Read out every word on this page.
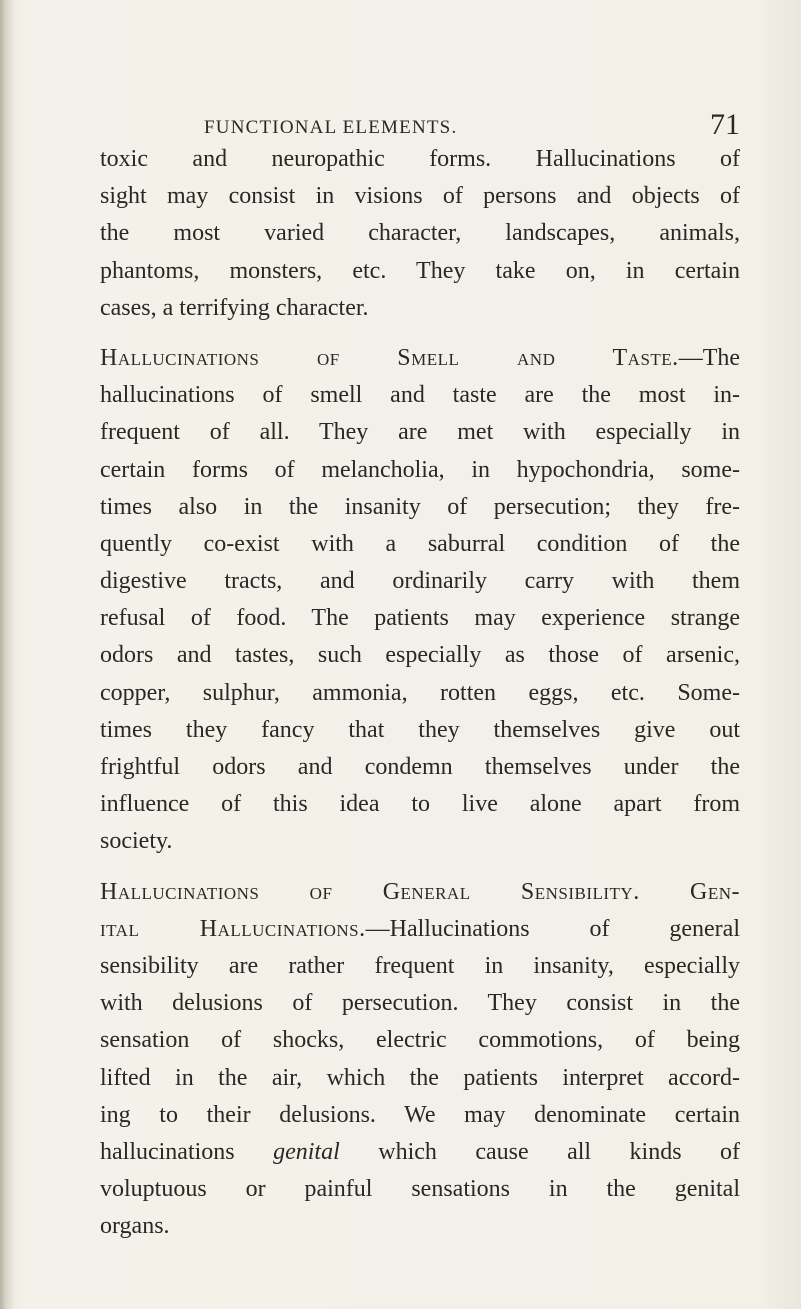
FUNCTIONAL ELEMENTS.	71
toxic and neuropathic forms. Hallucinations of
sight may consist in visions of persons and objects of
the most varied character, landscapes, animals,
phantoms, monsters, etc. They take on, in certain
cases, a terrifying character.
Hallucinations of Smell and Taste.—The
hallucinations of smell and taste are the most in-
frequent of all. They are met with especially in
certain forms of melancholia, in hypochondria, some-
times also in the insanity of persecution; they fre-
quently co-exist with a saburral condition of the
digestive tracts, and ordinarily carry with them
refusal of food. The patients may experience strange
odors and tastes, such especially as those of arsenic,
copper, sulphur, ammonia, rotten eggs, etc. Some-
times they fancy that they themselves give out
frightful odors and condemn themselves under the
influence of this idea to live alone apart from
society.
Hallucinations of General Sensibility. Gen-
ital Hallucinations.—Hallucinations of general
sensibility are rather frequent in insanity, especially
with delusions of persecution. They consist in the
sensation of shocks, electric commotions, of being
lifted in the air, which the patients interpret accord-
ing to their delusions. We may denominate certain
hallucinations genital which cause all kinds of
voluptuous or painful sensations in the genital
organs.
